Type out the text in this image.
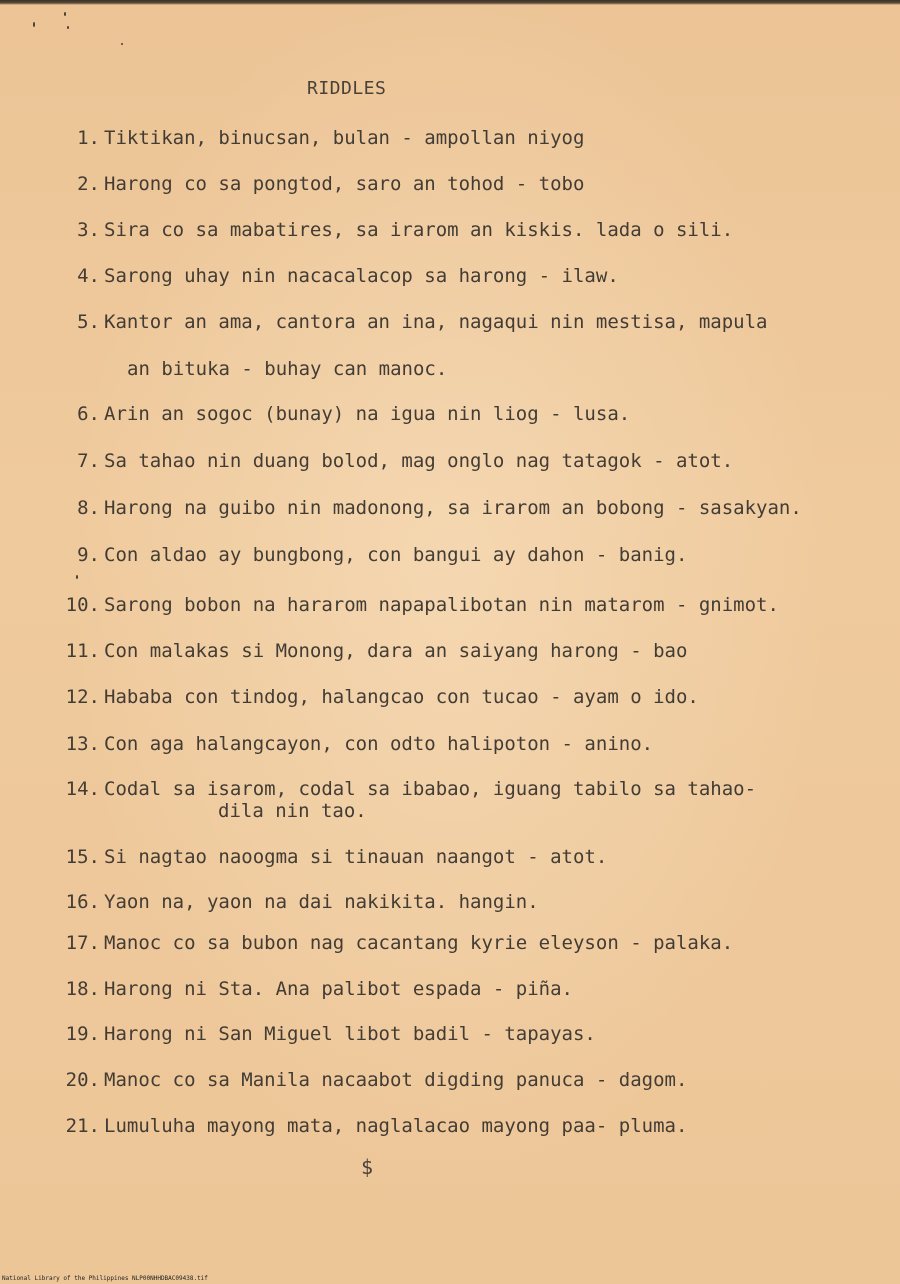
RIDDLES
1. Tiktikan, binucsan, bulan - ampollan niyog
2. Harong co sa pongtod, saro an tohod - tobo
3. Sira co sa mabatires, sa irarom an kiskis. lada o sili.
4. Sarong uhay nin nacacalacop sa harong - ilaw.
5. Kantor an ama, cantora an ina, nagaqui nin mestisa, mapula
an bituka - buhay can manoc.
6. Arin an sogoc (bunay) na igua nin liog - lusa.
7. Sa tahao nin duang bolod, mag onglo nag tatagok - atot.
8. Harong na guibo nin madonong, sa irarom an bobong - sasakyan.
9. Con aldao ay bungbong, con bangui ay dahon - banig.
10. Sarong bobon na hararom napapalibotan nin matarom - gnimot.
11. Con malakas si Monong, dara an saiyang harong - bao
12. Hababa con tindog, halangcao con tucao - ayam o ido.
13. Con aga halangcayon, con odto halipoton - anino.
14. Codal sa isarom, codal sa ibabao, iguang tabilo sa tahao-
dila nin tao.
15. Si nagtao naoogma si tinauan naangot - atot.
16. Yaon na, yaon na dai nakikita. hangin.
17. Manoc co sa bubon nag cacantang kyrie eleyson - palaka.
18. Harong ni Sta. Ana palibot espada - piña.
19. Harong ni San Miguel libot badil - tapayas.
20. Manoc co sa Manila nacaabot digding panuca - dagom.
21. Lumuluha mayong mata, naglalacao mayong paa- pluma.
$
National Library of the Philippines NLP00NHHDBAC09438.tif
